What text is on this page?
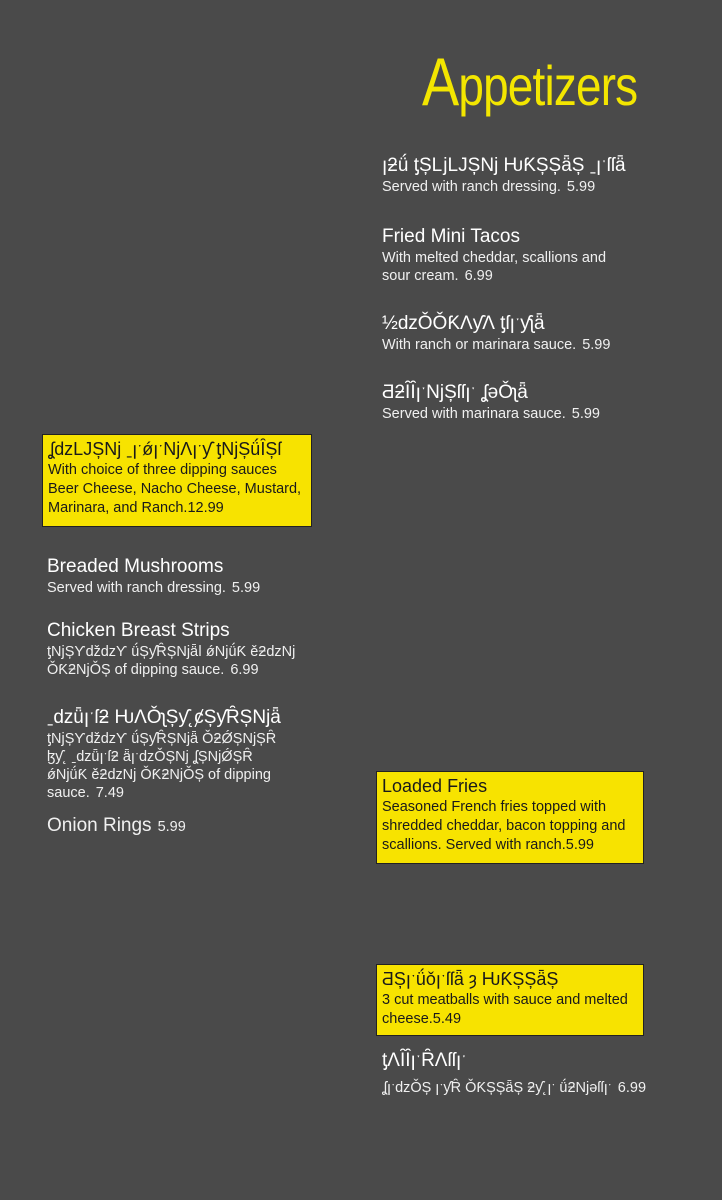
Appetizers
ꞁƻǘ ƫȘǈǇȘǋ ǶƘȘȘǟȘ ˍꞁˑſſǟ
Served with ranch dressing. 5.99
Fried Mini Tacos
With melted cheddar, scallions and sour cream. 6.99
½ǳǑǑƘɅƴɅ ƫſꞁˑƴʅǟ
With ranch or marinara sauce. 5.99
ƋƻȊȊꞁˑǋȘſſꞁˑ ʆəǑʅǟ
Served with marinara sauce. 5.99
ʆǳǇȘǋ ˍꞁˑǿꞁˑǋɅꞁˑƴ ƫǋȘǘȊȘſ
With choice of three dipping sauces Beer Cheese, Nacho Cheese, Mustard, Marinara, and Ranch.12.99
Breaded Mushrooms
Served with ranch dressing. 5.99
Chicken Breast Strips
ƫǋȘƳǆǳƳ ǘȘƴȒȘǋǟǀ ǿǋǘƘ ěƻǳǋ ǑƘƻǋǑȘ of dipping sauce. 6.99
ˍǳǖꞁˑſƻ ǶɅǑʅȘƴ˛ȼȘƴȒȘǋǟ
ƫǋȘƳǆǳƳ ǘȘƴȒȘǋǟ ǑƻǾȘǋȘȒ ɮƴ˛ ˍǳǖꞁˑſƻ ǟꞁˑǳǑȘǋ ʆȘǋǾȘȒ ǿǋǘƘ ěƻǳǋ ǑƘƻǋǑȘ of dipping sauce. 7.49
Onion Rings 5.99
Loaded Fries
Seasoned French fries topped with shredded cheddar, bacon topping and scallions. Served with ranch.5.99
ƋȘꞁˑǘǒꞁˑſſǟ ȝ ǶƘȘȘǟȘ
3 cut meatballs with sauce and melted cheese.5.49
ƫɅȊȊꞁˑȒɅſſꞁˑ
ʆꞁˑǳǑȘ ꞁˑƴȒ ǑƘȘȘǟȘ ƻƴ˛ꞁˑ ǘƻǋəſſꞁˑ 6.99
